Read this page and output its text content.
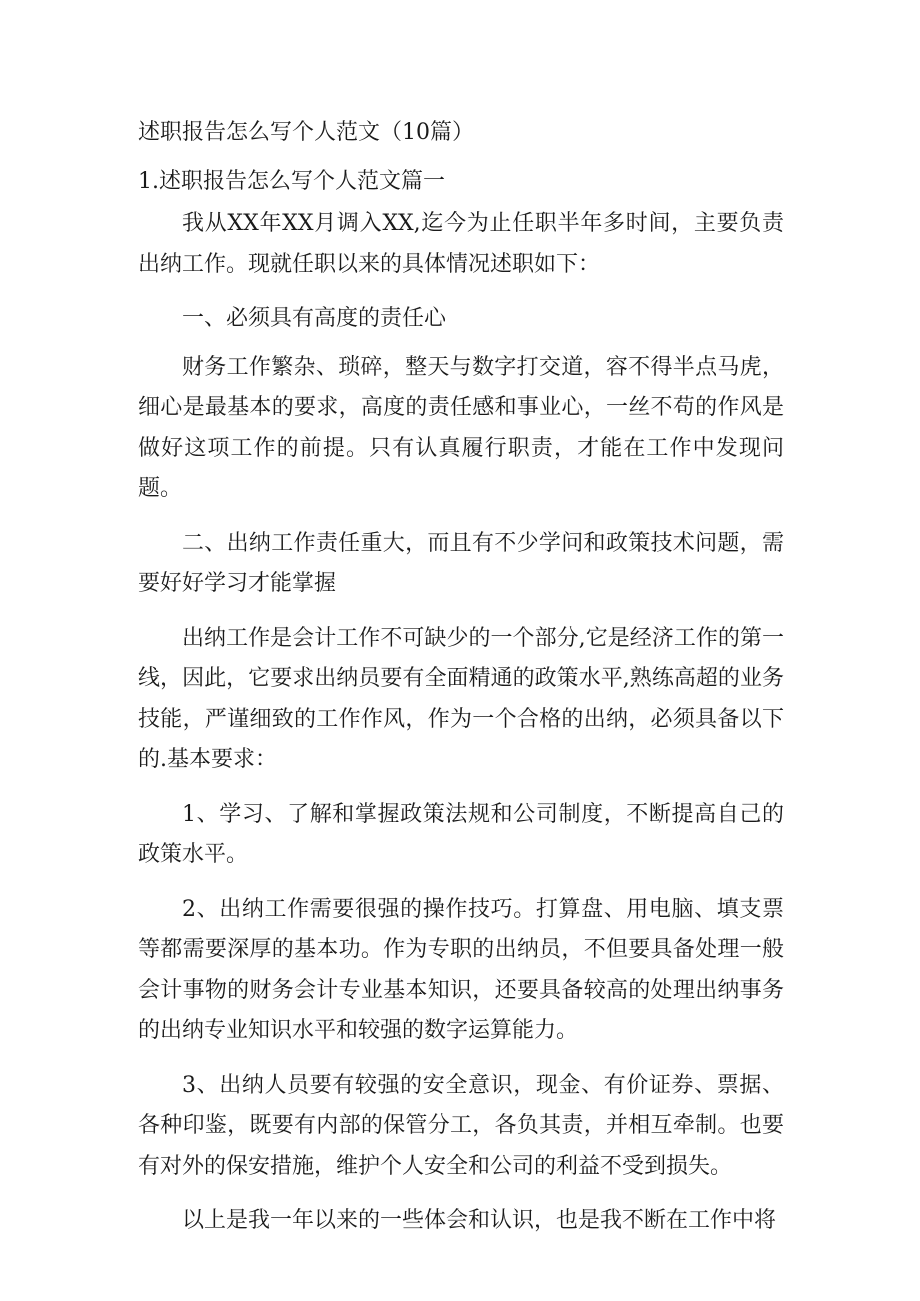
述职报告怎么写个人范文（10篇）
1.述职报告怎么写个人范文篇一

我从XX年XX月调入XX,迄今为止任职半年多时间，主要负责出纳工作。现就任职以来的具体情况述职如下：

一、必须具有高度的责任心

财务工作繁杂、琐碎，整天与数字打交道，容不得半点马虎，细心是最基本的要求，高度的责任感和事业心，一丝不苟的作风是做好这项工作的前提。只有认真履行职责，才能在工作中发现问题。

二、出纳工作责任重大，而且有不少学问和政策技术问题，需要好好学习才能掌握

出纳工作是会计工作不可缺少的一个部分,它是经济工作的第一线，因此，它要求出纳员要有全面精通的政策水平,熟练高超的业务技能，严谨细致的工作作风，作为一个合格的出纳，必须具备以下的.基本要求：

1、学习、了解和掌握政策法规和公司制度，不断提高自己的政策水平。

2、出纳工作需要很强的操作技巧。打算盘、用电脑、填支票等都需要深厚的基本功。作为专职的出纳员，不但要具备处理一般会计事物的财务会计专业基本知识，还要具备较高的处理出纳事务的出纳专业知识水平和较强的数字运算能力。

3、出纳人员要有较强的安全意识，现金、有价证券、票据、各种印鉴，既要有内部的保管分工，各负其责，并相互牵制。也要有对外的保安措施，维护个人安全和公司的利益不受到损失。

以上是我一年以来的一些体会和认识，也是我不断在工作中将
